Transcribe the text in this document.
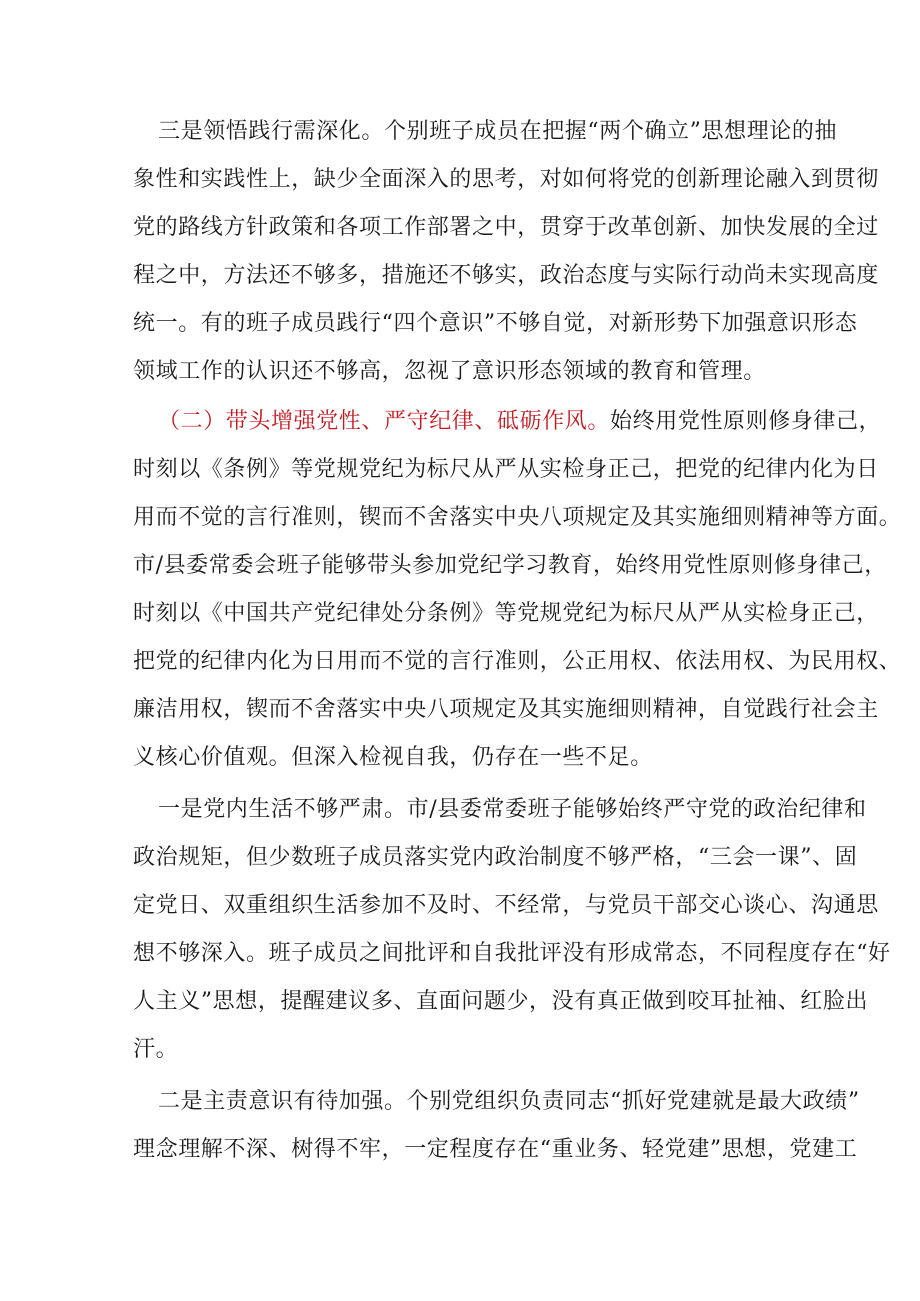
三是领悟践行需深化。个别班子成员在把握“两个确立”思想理论的抽
象性和实践性上，缺少全面深入的思考，对如何将党的创新理论融入到贯彻
党的路线方针政策和各项工作部署之中，贯穿于改革创新、加快发展的全过
程之中，方法还不够多，措施还不够实，政治态度与实际行动尚未实现高度
统一。有的班子成员践行“四个意识”不够自觉，对新形势下加强意识形态
领域工作的认识还不够高，忽视了意识形态领域的教育和管理。
（二）带头增强党性、严守纪律、砥砺作风。始终用党性原则修身律己，
时刻以《条例》等党规党纪为标尺从严从实检身正己，把党的纪律内化为日
用而不觉的言行准则，锲而不舍落实中央八项规定及其实施细则精神等方面。
市/县委常委会班子能够带头参加党纪学习教育，始终用党性原则修身律己，
时刻以《中国共产党纪律处分条例》等党规党纪为标尺从严从实检身正己，
把党的纪律内化为日用而不觉的言行准则，公正用权、依法用权、为民用权、
廉洁用权，锲而不舍落实中央八项规定及其实施细则精神，自觉践行社会主
义核心价值观。但深入检视自我，仍存在一些不足。
一是党内生活不够严肃。市/县委常委班子能够始终严守党的政治纪律和
政治规矩，但少数班子成员落实党内政治制度不够严格，“三会一课”、固
定党日、双重组织生活参加不及时、不经常，与党员干部交心谈心、沟通思
想不够深入。班子成员之间批评和自我批评没有形成常态，不同程度存在“好
人主义”思想，提醒建议多、直面问题少，没有真正做到咬耳扯袖、红脸出
汗。
二是主责意识有待加强。个别党组织负责同志“抓好党建就是最大政绩”
理念理解不深、树得不牢，一定程度存在“重业务、轻党建”思想，党建工
